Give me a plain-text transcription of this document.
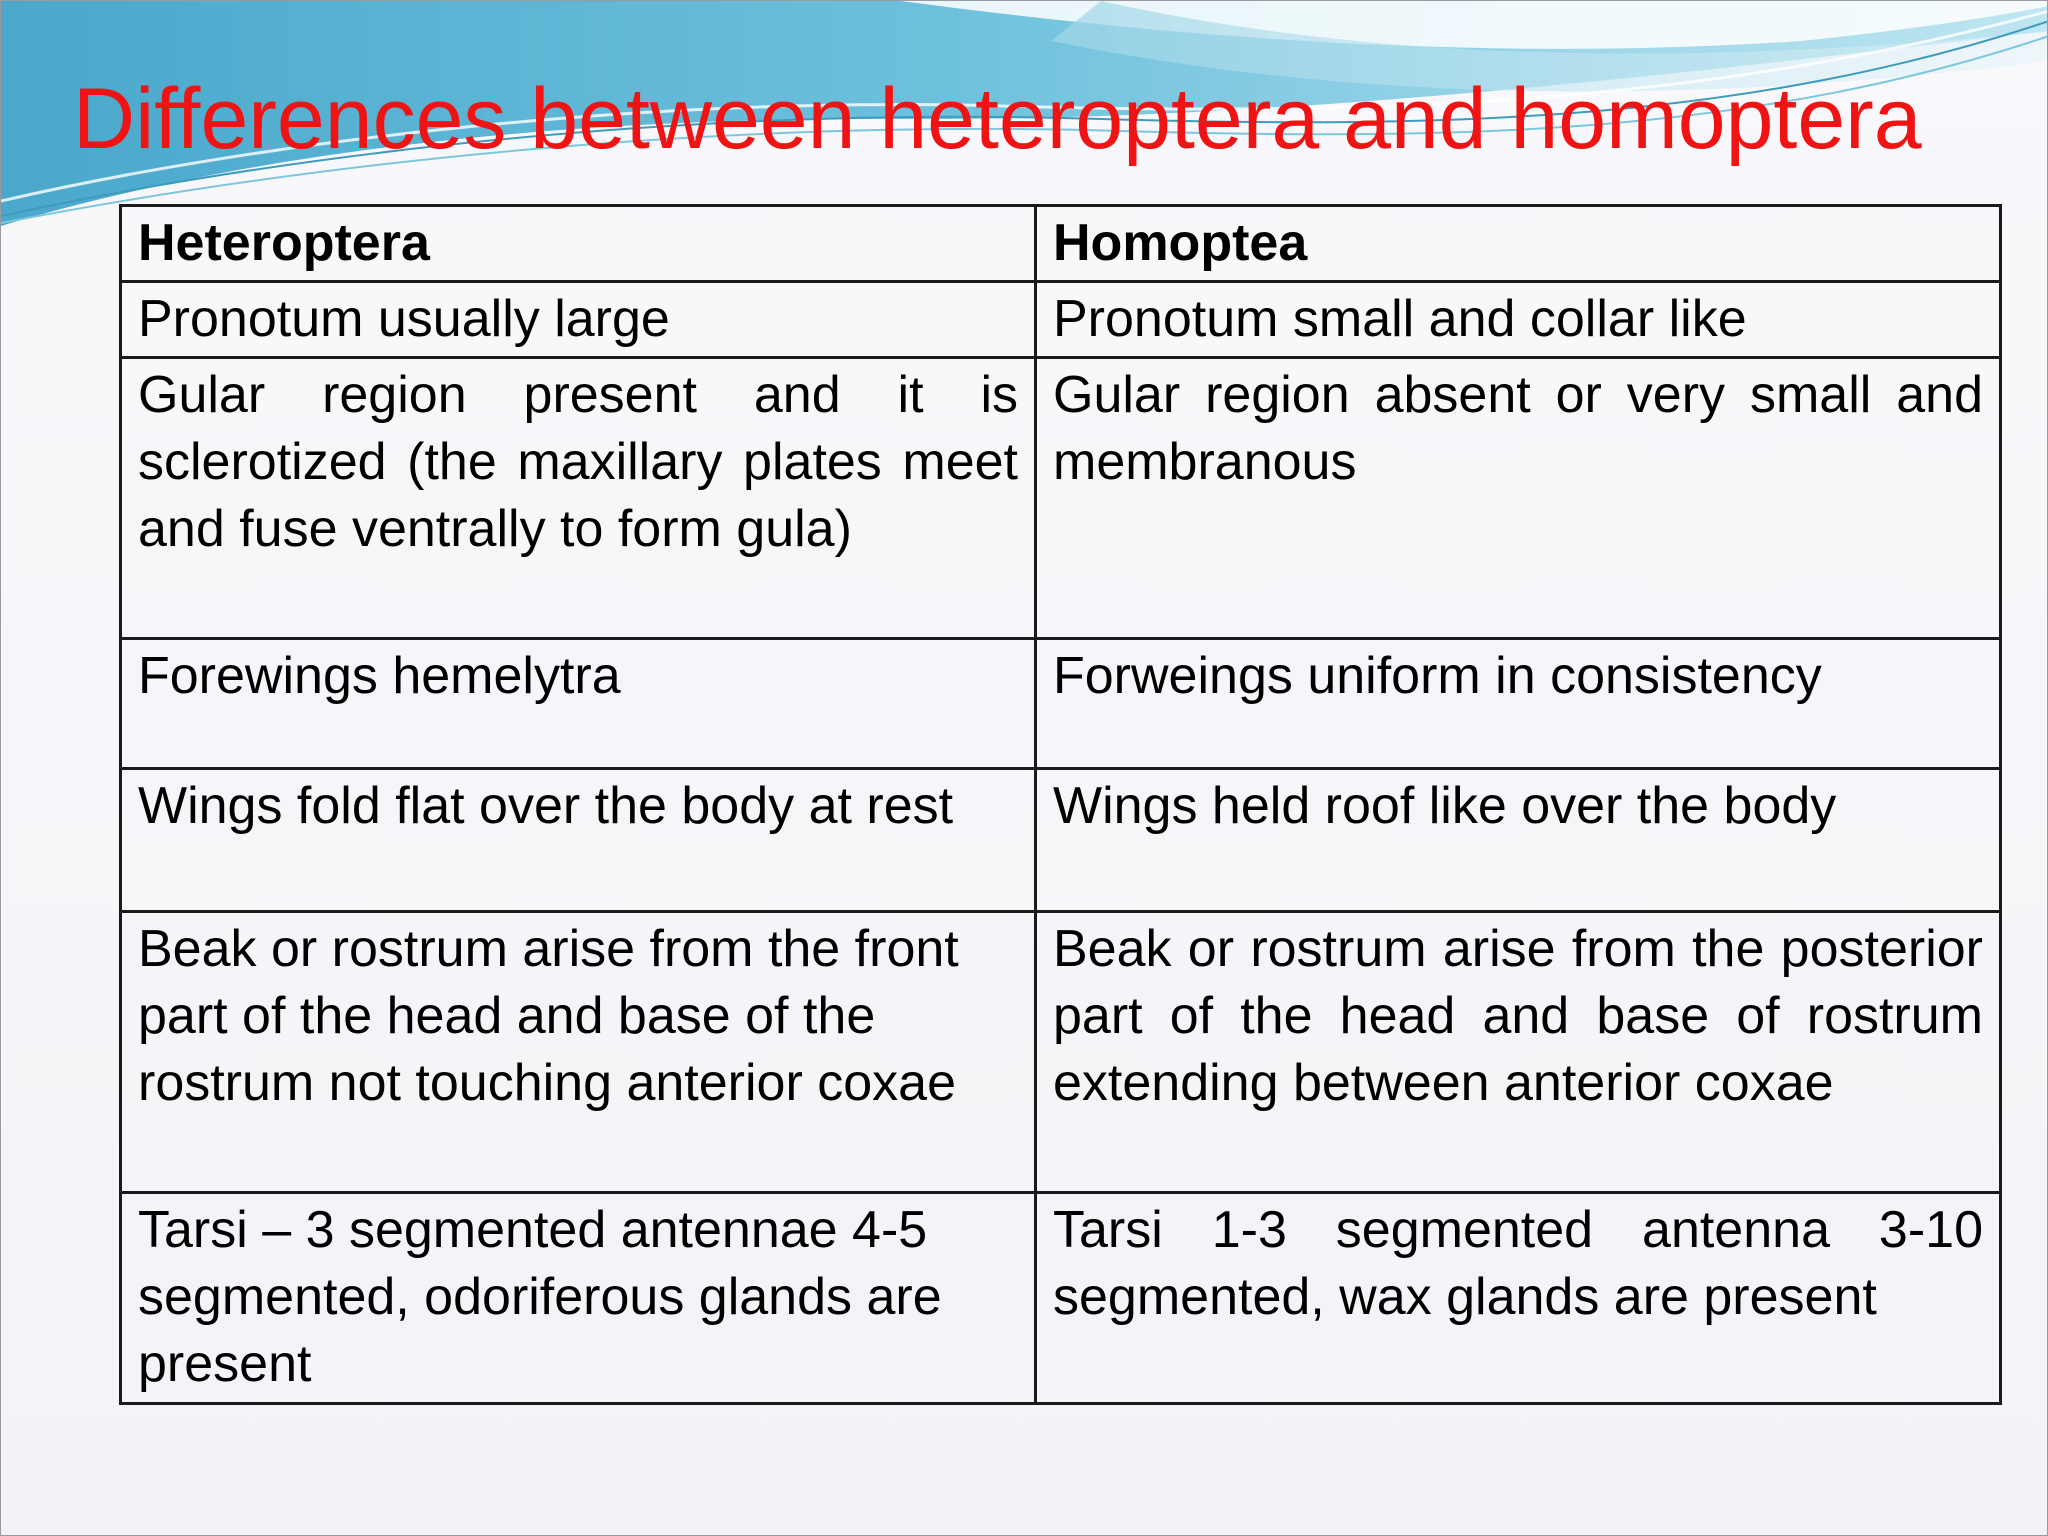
Differences between heteroptera and homoptera
Heteroptera	Homoptea
Pronotum usually large	Pronotum small and collar like
Gular region present and it is sclerotized (the maxillary plates meet and fuse ventrally to form gula)	Gular region absent or very small and membranous
Forewings hemelytra	Forweings uniform in consistency
Wings fold flat over the body at rest	Wings held roof like over the body
Beak or rostrum arise from the front part of the head and base of the rostrum not touching anterior coxae	Beak or rostrum arise from the posterior part of the head and base of rostrum extending between anterior coxae
Tarsi – 3 segmented antennae 4-5 segmented, odoriferous glands are present	Tarsi 1-3 segmented antenna 3-10 segmented, wax glands are present
